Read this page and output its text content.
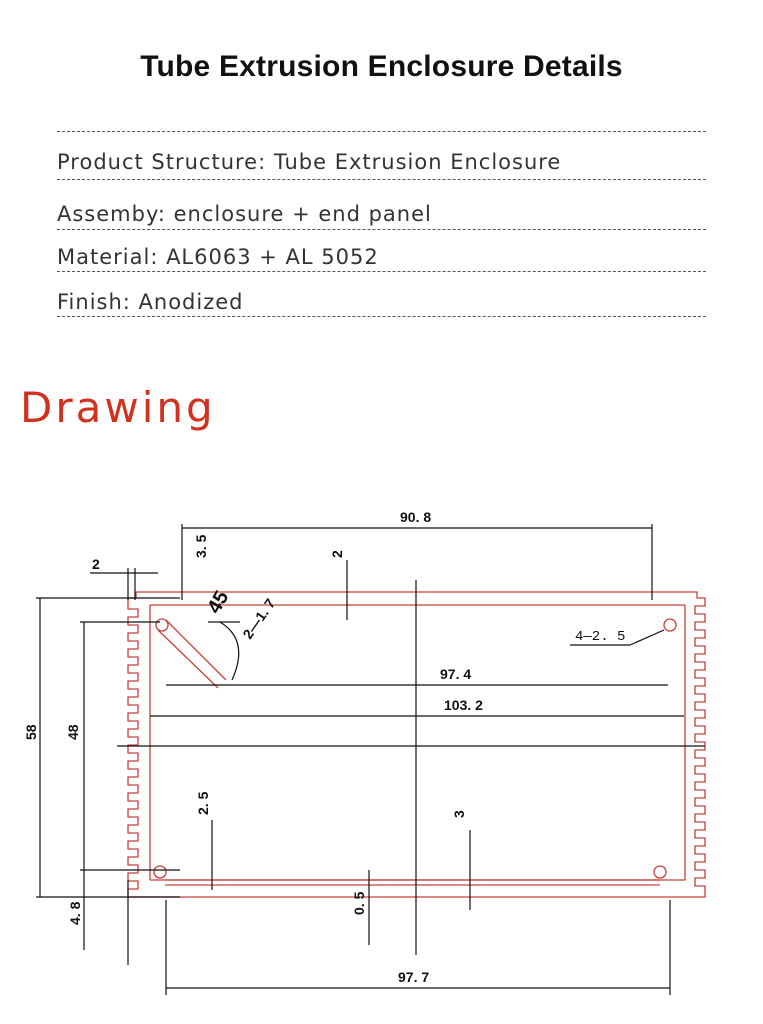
Tube Extrusion Enclosure Details
Product Structure: Tube Extrusion Enclosure
Assemby: enclosure + end panel
Material: AL6063 + AL 5052
Finish: Anodized
Drawing
90. 8
3. 5
2
2
45 2—1. 7	4—2. 5
97. 4
103. 2
58 48
2. 5	3
0. 5
4. 8
97. 7
